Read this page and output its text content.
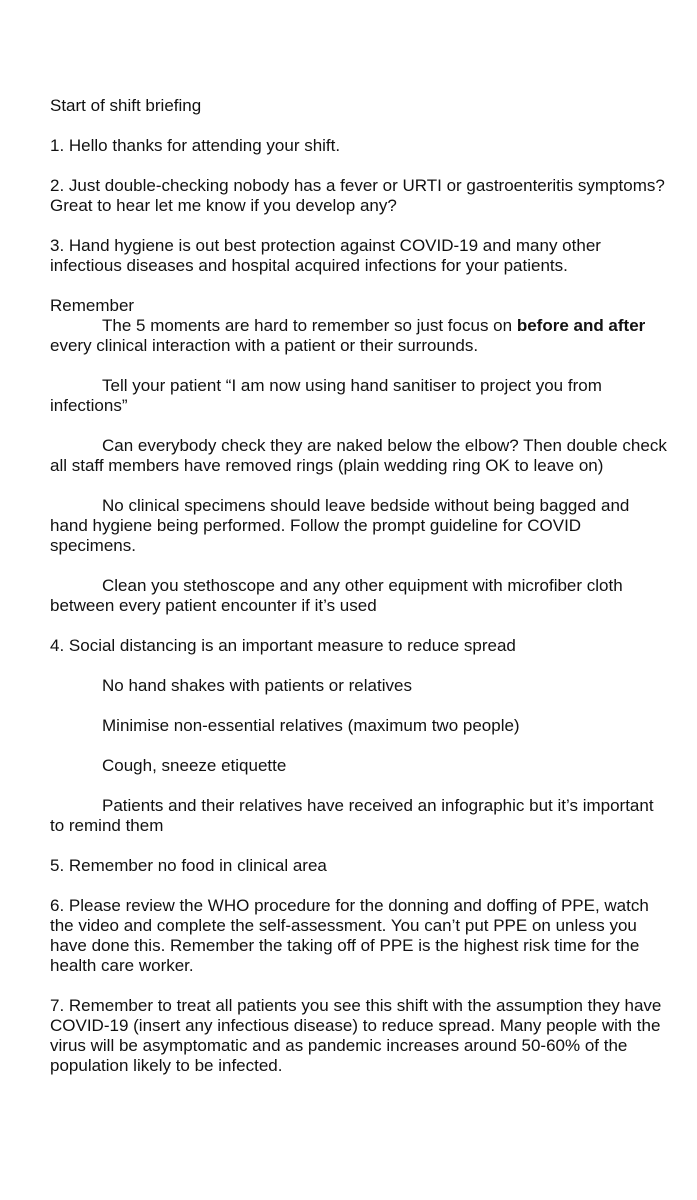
Start of shift briefing

1. Hello thanks for attending your shift.

2. Just double-checking nobody has a fever or URTI or gastroenteritis symptoms? Great to hear let me know if you develop any?

3. Hand hygiene is out best protection against COVID-19 and many other infectious diseases and hospital acquired infections for your patients.

Remember

The 5 moments are hard to remember so just focus on before and after every clinical interaction with a patient or their surrounds.

Tell your patient “I am now using hand sanitiser to project you from infections”

Can everybody check they are naked below the elbow? Then double check all staff members have removed rings (plain wedding ring OK to leave on)

No clinical specimens should leave bedside without being bagged and hand hygiene being performed. Follow the prompt guideline for COVID specimens.

Clean you stethoscope and any other equipment with microfiber cloth between every patient encounter if it’s used

4. Social distancing is an important measure to reduce spread

No hand shakes with patients or relatives

Minimise non-essential relatives (maximum two people)

Cough, sneeze etiquette

Patients and their relatives have received an infographic but it’s important to remind them

5. Remember no food in clinical area

6. Please review the WHO procedure for the donning and doffing of PPE, watch the video and complete the self-assessment. You can’t put PPE on unless you have done this. Remember the taking off of PPE is the highest risk time for the health care worker.

7. Remember to treat all patients you see this shift with the assumption they have COVID-19 (insert any infectious disease) to reduce spread. Many people with the virus will be asymptomatic and as pandemic increases around 50-60% of the population likely to be infected.
